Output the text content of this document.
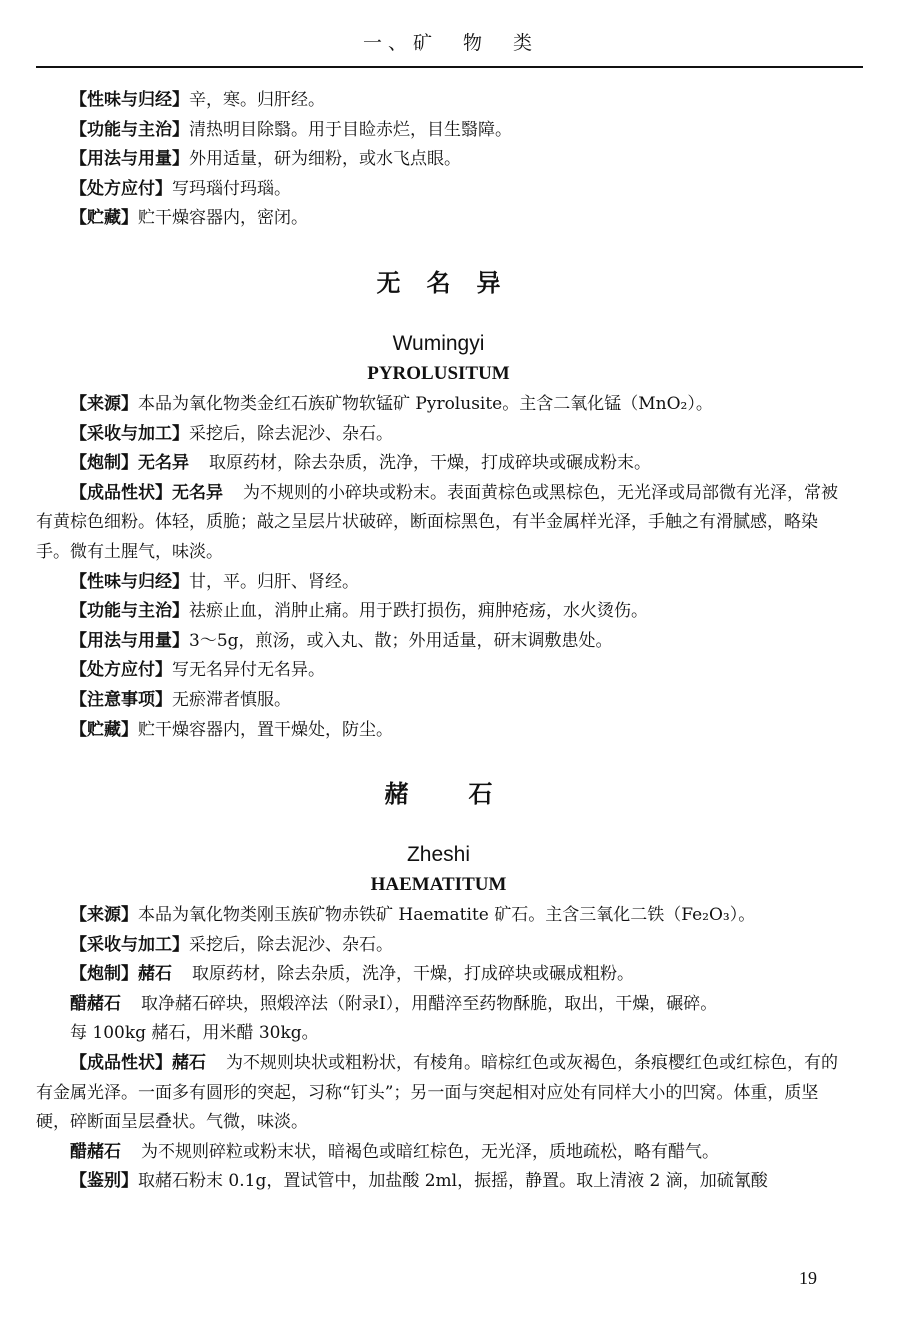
一、矿　物　类

【性味与归经】辛，寒。归肝经。

【功能与主治】清热明目除翳。用于目睑赤烂，目生翳障。

【用法与用量】外用适量，研为细粉，或水飞点眼。

【处方应付】写玛瑙付玛瑙。

【贮藏】贮干燥容器内，密闭。

无名异
Wumingyi
PYROLUSITUM

【来源】本品为氧化物类金红石族矿物软锰矿 Pyrolusite。主含二氧化锰（MnO₂）。

【采收与加工】采挖后，除去泥沙、杂石。

【炮制】无名异 取原药材，除去杂质，洗净，干燥，打成碎块或碾成粉末。

【成品性状】无名异 为不规则的小碎块或粉末。表面黄棕色或黑棕色，无光泽或局部微有光泽，常被有黄棕色细粉。体轻，质脆；敲之呈层片状破碎，断面棕黑色，有半金属样光泽，手触之有滑腻感，略染手。微有土腥气，味淡。

【性味与归经】甘，平。归肝、肾经。

【功能与主治】祛瘀止血，消肿止痛。用于跌打损伤，痈肿疮疡，水火烫伤。

【用法与用量】3～5g，煎汤，或入丸、散；外用适量，研末调敷患处。

【处方应付】写无名异付无名异。

【注意事项】无瘀滞者慎服。

【贮藏】贮干燥容器内，置干燥处，防尘。

赭石
Zheshi
HAEMATITUM

【来源】本品为氧化物类刚玉族矿物赤铁矿 Haematite 矿石。主含三氧化二铁（Fe₂O₃）。

【采收与加工】采挖后，除去泥沙、杂石。

【炮制】赭石 取原药材，除去杂质，洗净，干燥，打成碎块或碾成粗粉。

醋赭石 取净赭石碎块，照煅淬法（附录Ⅰ），用醋淬至药物酥脆，取出，干燥，碾碎。

每 100kg 赭石，用米醋 30kg。

【成品性状】赭石 为不规则块状或粗粉状，有棱角。暗棕红色或灰褐色，条痕樱红色或红棕色，有的有金属光泽。一面多有圆形的突起，习称“钉头”；另一面与突起相对应处有同样大小的凹窝。体重，质坚硬，碎断面呈层叠状。气微，味淡。

醋赭石 为不规则碎粒或粉末状，暗褐色或暗红棕色，无光泽，质地疏松，略有醋气。

【鉴别】取赭石粉末 0.1g，置试管中，加盐酸 2ml，振摇，静置。取上清液 2 滴，加硫氰酸

19
